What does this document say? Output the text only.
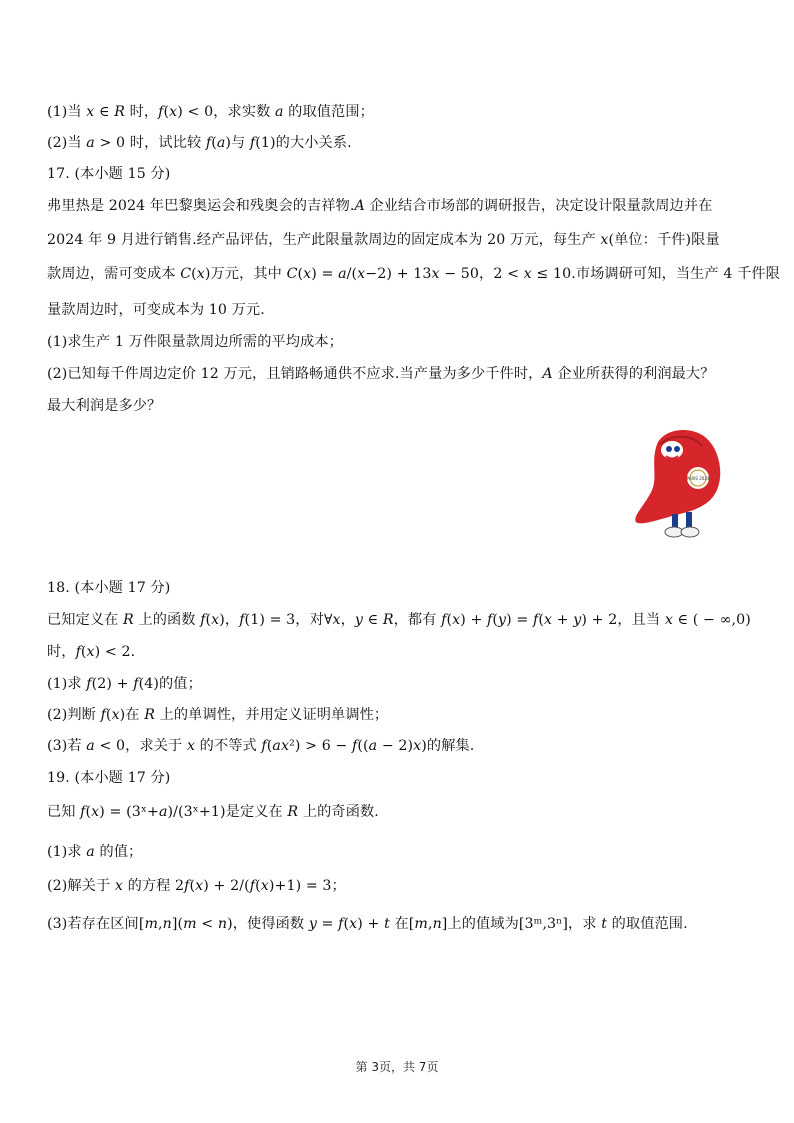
(1)当 𝑥 ∈ 𝑅 时，𝑓(𝑥) < 0，求实数 𝑎 的取值范围；
(2)当 𝑎 > 0 时，试比较 𝑓(𝑎)与 𝑓(1)的大小关系.
17. (本小题 15 分)
弗里热是 2024 年巴黎奥运会和残奥会的吉祥物.𝐴 企业结合市场部的调研报告，决定设计限量款周边并在
2024 年 9 月进行销售.经产品评估，生产此限量款周边的固定成本为 20 万元，每生产 𝑥(单位：千件)限量
款周边，需可变成本 𝐶(𝑥)万元，其中 𝐶(𝑥) = 𝑎/(𝑥−2) + 13𝑥 − 50，2 < 𝑥 ≤ 10.市场调研可知，当生产 4 千件限
量款周边时，可变成本为 10 万元.
(1)求生产 1 万件限量款周边所需的平均成本；
(2)已知每千件周边定价 12 万元，且销路畅通供不应求.当产量为多少千件时，𝐴 企业所获得的利润最大？
最大利润是多少？
PARIS 2024
18. (本小题 17 分)
已知定义在 𝑅 上的函数 𝑓(𝑥)，𝑓(1) = 3，对∀𝑥，𝑦 ∈ 𝑅，都有 𝑓(𝑥) + 𝑓(𝑦) = 𝑓(𝑥 + 𝑦) + 2，且当 𝑥 ∈ ( − ∞,0)
时，𝑓(𝑥) < 2.
(1)求 𝑓(2) + 𝑓(4)的值；
(2)判断 𝑓(𝑥)在 𝑅 上的单调性，并用定义证明单调性；
(3)若 𝑎 < 0，求关于 𝑥 的不等式 𝑓(𝑎𝑥²) > 6 − 𝑓((𝑎 − 2)𝑥)的解集.
19. (本小题 17 分)
已知 𝑓(𝑥) = (3ˣ+𝑎)/(3ˣ+1)是定义在 𝑅 上的奇函数.
(1)求 𝑎 的值；
(2)解关于 𝑥 的方程 2𝑓(𝑥) + 2/(𝑓(𝑥)+1) = 3；
(3)若存在区间[𝑚,𝑛](𝑚 < 𝑛)，使得函数 𝑦 = 𝑓(𝑥) + 𝑡 在[𝑚,𝑛]上的值域为[3ᵐ,3ⁿ]，求 𝑡 的取值范围.
第 3页，共 7页
